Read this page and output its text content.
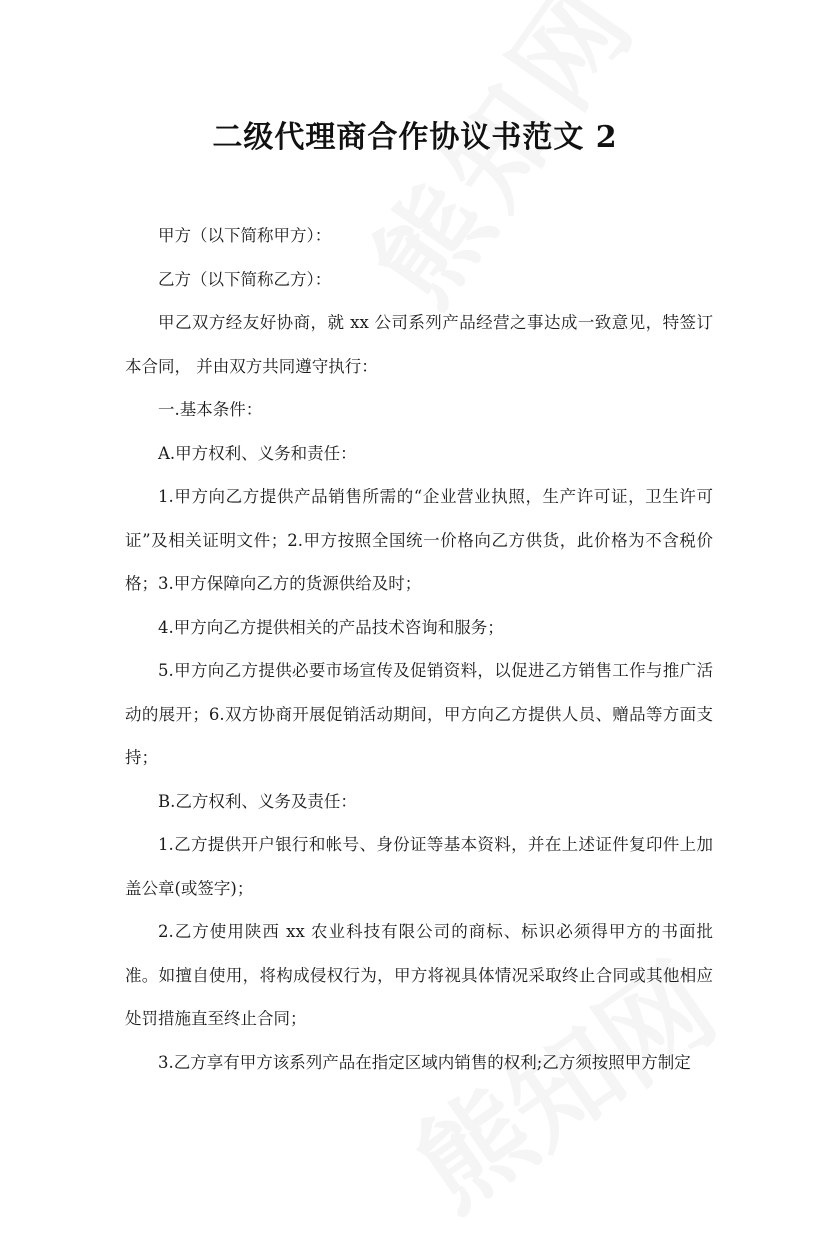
二级代理商合作协议书范文 2

甲方（以下简称甲方）：

乙方（以下简称乙方）：

甲乙双方经友好协商，就 xx 公司系列产品经营之事达成一致意见，特签订本合同， 并由双方共同遵守执行：

一.基本条件：

A.甲方权利、义务和责任：

1.甲方向乙方提供产品销售所需的“企业营业执照，生产许可证，卫生许可证”及相关证明文件；2.甲方按照全国统一价格向乙方供货，此价格为不含税价格；3.甲方保障向乙方的货源供给及时；

4.甲方向乙方提供相关的产品技术咨询和服务；

5.甲方向乙方提供必要市场宣传及促销资料，以促进乙方销售工作与推广活动的展开；6.双方协商开展促销活动期间，甲方向乙方提供人员、赠品等方面支持；

B.乙方权利、义务及责任：

1.乙方提供开户银行和帐号、身份证等基本资料，并在上述证件复印件上加盖公章(或签字)；

2.乙方使用陕西 xx 农业科技有限公司的商标、标识必须得甲方的书面批准。如擅自使用，将构成侵权行为，甲方将视具体情况采取终止合同或其他相应处罚措施直至终止合同；

3.乙方享有甲方该系列产品在指定区域内销售的权利;乙方须按照甲方制定
